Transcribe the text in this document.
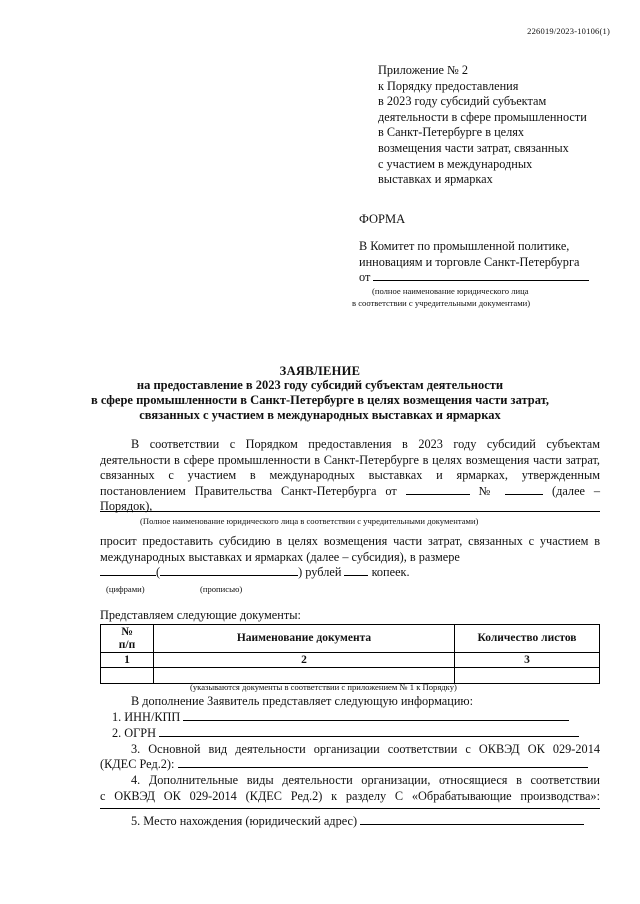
226019/2023-10106(1)
Приложение № 2
к Порядку предоставления
в 2023 году субсидий субъектам
деятельности в сфере промышленности
в Санкт-Петербурге в целях
возмещения части затрат, связанных
с участием в международных
выставках и ярмарках
ФОРМА
В Комитет по промышленной политике,
инновациям и торговле Санкт-Петербурга
от
(полное наименование юридического лица
в соответствии с учредительными документами)
ЗАЯВЛЕНИЕ
на предоставление в 2023 году субсидий субъектам деятельности
в сфере промышленности в Санкт-Петербурге в целях возмещения части затрат,
связанных с участием в международных выставках и ярмарках
В соответствии с Порядком предоставления в 2023 году субсидий субъектам деятельности в сфере промышленности в Санкт-Петербурге в целях возмещения части затрат, связанных с участием в международных выставках и ярмарках, утвержденным постановлением Правительства Санкт-Петербурга от	№	(далее – Порядок),
(Полное наименование юридического лица в соответствии с учредительными документами)
просит предоставить субсидию в целях возмещения части затрат, связанных с участием в международных выставках и ярмарках (далее – субсидия), в размере
(	) рублей копеек.
(цифрами)	(прописью)
Представляем следующие документы:
№
п/п	Наименование документа	Количество листов
1	2	3

(указываются документы в соответствии с приложением № 1 к Порядку)
В дополнение Заявитель представляет следующую информацию:
1. ИНН/КПП
2. ОГРН
3. Основной вид деятельности организации соответствии с ОКВЭД ОК 029-2014
(КДЕС Ред.2):
4. Дополнительные виды деятельности организации, относящиеся в соответствии
с ОКВЭД ОК 029-2014 (КДЕС Ред.2) к разделу С «Обрабатывающие производства»:
5. Место нахождения (юридический адрес)
